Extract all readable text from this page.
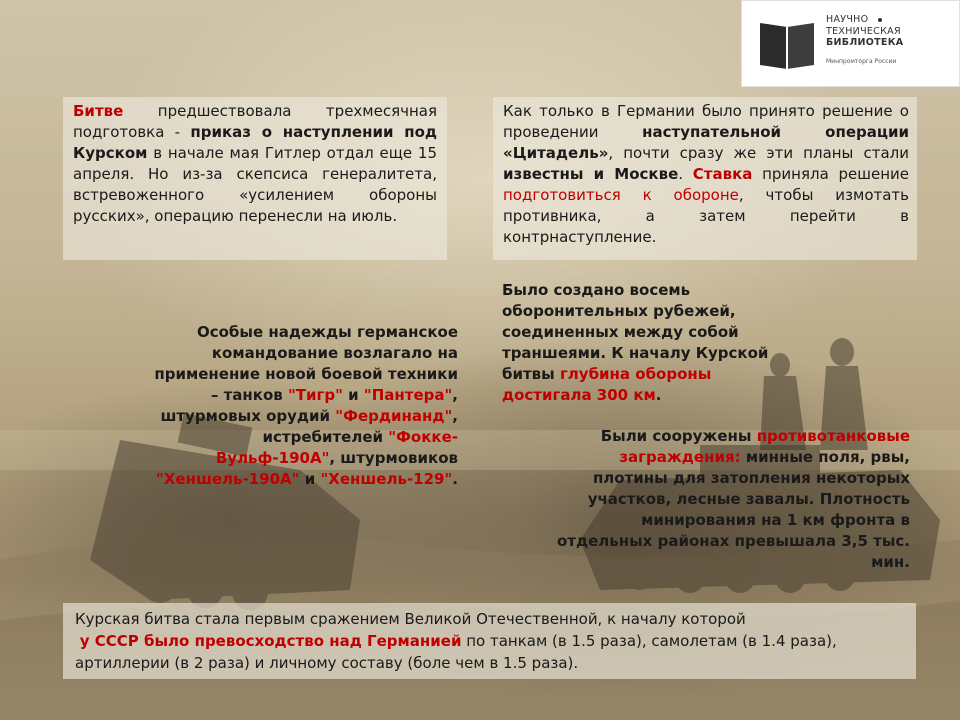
НАУЧНО
ТЕХНИЧЕСКАЯ
БИБЛИОТЕКА
Минпромторга России
Битве предшествовала трехмесячная подготовка - приказ о наступлении под Курском в начале мая Гитлер отдал еще 15 апреля. Но из-за скепсиса генералитета, встревоженного «усилением обороны русских», операцию перенесли на июль.
Как только в Германии было принято решение о проведении наступательной операции «Цитадель», почти сразу же эти планы стали известны и Москве. Ставка приняла решение подготовиться к обороне, чтобы измотать противника, а затем перейти в контрнаступление.
Было создано восемь оборонительных рубежей, соединенных между собой траншеями. К началу Курской битвы глубина обороны достигала 300 км.
Особые надежды германское командование возлагало на применение новой боевой техники – танков "Тигр" и "Пантера", штурмовых орудий "Фердинанд", истребителей "Фокке-Вульф-190А", штурмовиков "Хеншель-190А" и "Хеншель-129".
Были сооружены противотанковые заграждения: минные поля, рвы, плотины для затопления некоторых участков, лесные завалы. Плотность минирования на 1 км фронта в отдельных районах превышала 3,5 тыс. мин.
Курская битва стала первым сражением Великой Отечественной, к началу которой
у СССР было превосходство над Германией по танкам (в 1.5 раза), самолетам (в 1.4 раза), артиллерии (в 2 раза) и личному составу (боле чем в 1.5 раза).
